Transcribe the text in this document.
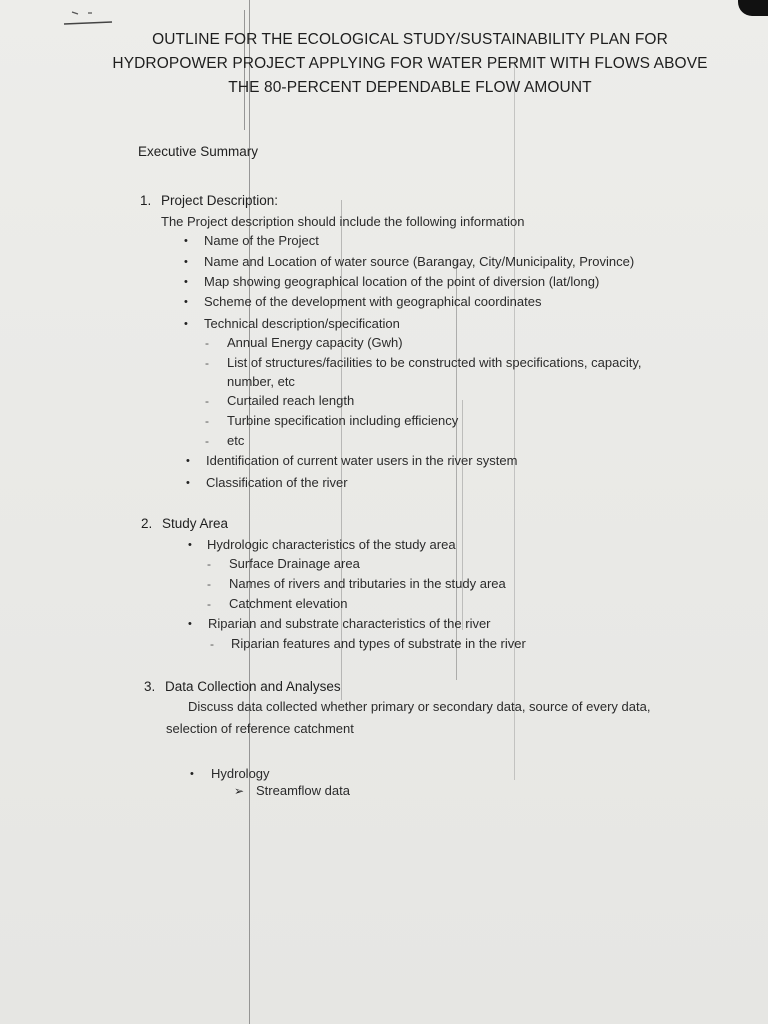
OUTLINE FOR THE ECOLOGICAL STUDY/SUSTAINABILITY PLAN FOR
HYDROPOWER PROJECT APPLYING FOR WATER PERMIT WITH FLOWS ABOVE
THE 80-PERCENT DEPENDABLE FLOW AMOUNT
Executive Summary
1. Project Description:
The Project description should include the following information
• Name of the Project
• Name and Location of water source (Barangay, City/Municipality, Province)
• Map showing geographical location of the point of diversion (lat/long)
• Scheme of the development with geographical coordinates
• Technical description/specification
- Annual Energy capacity (Gwh)
- List of structures/facilities to be constructed with specifications, capacity,
number, etc
- Curtailed reach length
- Turbine specification including efficiency
- etc
• Identification of current water users in the river system
• Classification of the river
2. Study Area
• Hydrologic characteristics of the study area
- Surface Drainage area
- Names of rivers and tributaries in the study area
- Catchment elevation
• Riparian and substrate characteristics of the river
- Riparian features and types of substrate in the river
3. Data Collection and Analyses
Discuss data collected whether primary or secondary data, source of every data,
selection of reference catchment
• Hydrology
➢ Streamflow data
